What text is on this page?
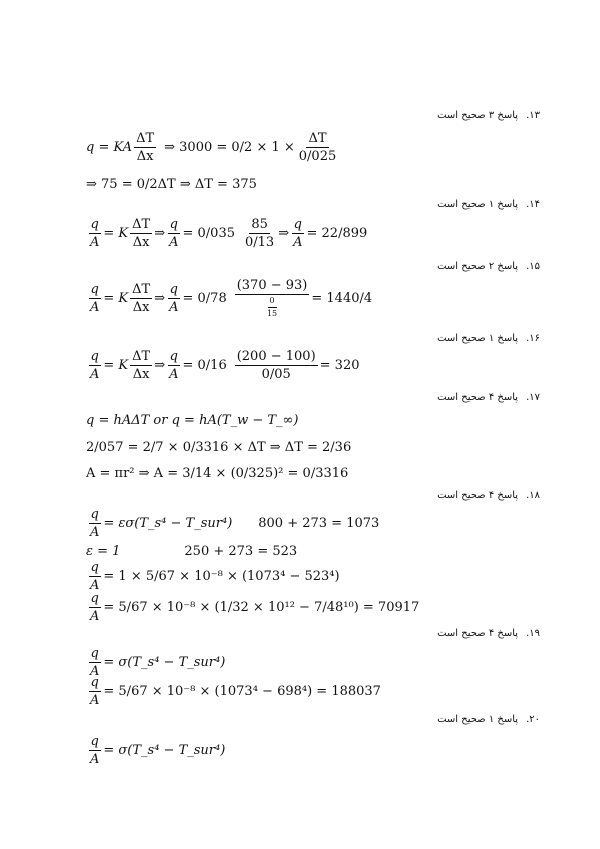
۱۳.پاسخ ۳ صحیح است
q = KA $\frac{\Delta T}{\Delta x}$ ⇒ $3000 = 0/2 \times 1 \times \frac{\Delta T}{0/025}$
⇒ 75 = 0/2ΔT ⇒ ΔT = 375
۱۴.پاسخ ۱ صحیح است
$\frac{q}{A} = K \frac{\Delta T}{\Delta x}$ ⇒ $\frac{q}{A} = 0/035 \frac{85}{0/13}$ ⇒ $\frac{q}{A} = 22/899$
۱۵.پاسخ ۲ صحیح است
$\frac{q}{A} = K \frac{\Delta T}{\Delta x}$ ⇒ $\frac{q}{A} = 0/78 \frac{(370 - 93)}{\frac{0}{15}} = 1440/4$
۱۶.پاسخ ۱ صحیح است
$\frac{q}{A} = K \frac{\Delta T}{\Delta x}$ ⇒ $\frac{q}{A} = 0/16 \frac{(200 - 100)}{0/05} = 320$
۱۷.پاسخ ۴ صحیح است
q = hAΔT or q = hA(T_w − T_∞)
2/057 = 2/7 × 0/3316 × ΔT ⇒ ΔT = 2/36
A = πr² ⇒ A = 3/14 × (0/325)² = 0/3316
۱۸.پاسخ ۴ صحیح است
$\frac{q}{A}$ = εσ(T_s⁴ − T_sur⁴) 800 + 273 = 1073
ε = 1	250 + 273 = 523
$\frac{q}{A} = 1 \times 5/67 \times 10^{-8} \times (1073^4 - 523^4)$
$\frac{q}{A} = 5/67 \times 10^{-8} \times (1/32 \times 10^{12} - 7/48^{10}) = 70917$
۱۹.پاسخ ۴ صحیح است
$\frac{q}{A}$ = σ(T_s⁴ − T_sur⁴)
$\frac{q}{A} = 5/67 \times 10^{-8} \times (1073^4 - 698^4) = 188037$
۲۰.پاسخ ۱ صحیح است
$\frac{q}{A}$ = σ(T_s⁴ − T_sur⁴)
